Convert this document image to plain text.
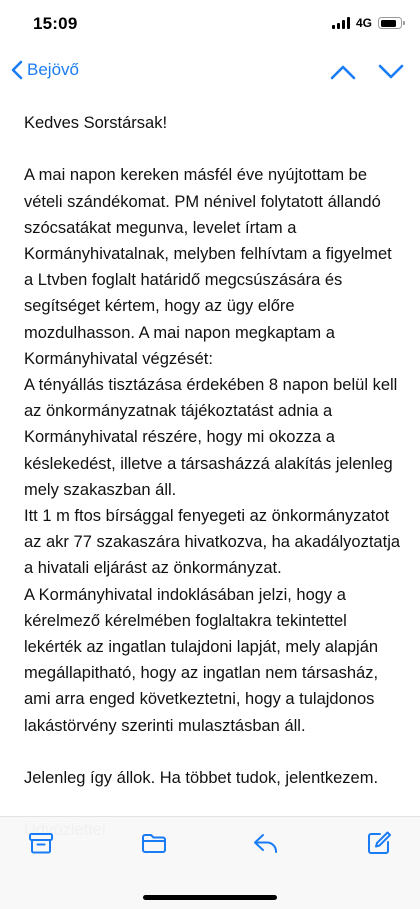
15:09	4G
Bejövő

Kedves Sorstársak!

A mai napon kereken másfél éve nyújtottam be vételi szándékomat. PM nénivel folytatott állandó szócsatákat megunva, levelet írtam a Kormányhivatalnak, melyben felhívtam a figyelmet a Ltvben foglalt határidő megcsúszására és segítséget kértem, hogy az ügy előre mozdulhasson. A mai napon megkaptam a Kormányhivatal végzését:

A tényállás tisztázása érdekében 8 napon belül kell az önkormányzatnak tájékoztatást adnia a Kormányhivatal részére, hogy mi okozza a késlekedést, illetve a társasházzá alakítás jelenleg mely szakaszban áll.

Itt 1 m ftos bírsággal fenyegeti az önkormányzatot az akr 77 szakaszára hivatkozva, ha akadályoztatja a hivatali eljárást az önkormányzat.

A Kormányhivatal indoklásában jelzi, hogy a kérelmező kérelmében foglaltakra tekintettel lekérték az ingatlan tulajdoni lapját, mely alapján megállapitható, hogy az ingatlan nem társasház, ami arra enged következtetni, hogy a tulajdonos lakástörvény szerinti mulasztásban áll.

Jelenleg így állok. Ha többet tudok, jelentkezem.
